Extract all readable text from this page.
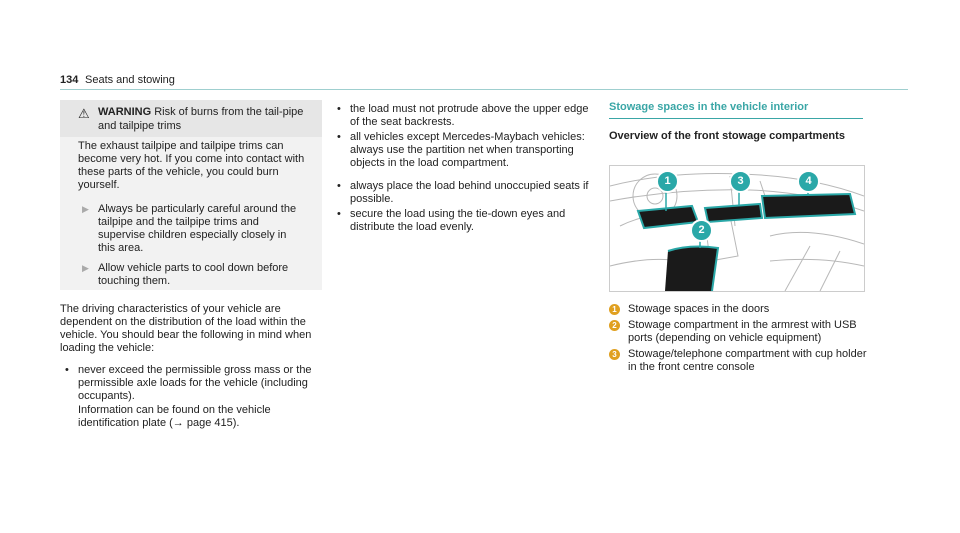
134 Seats and stowing
⚠ WARNING Risk of burns from the tail-pipe and tailpipe trims
The exhaust tailpipe and tailpipe trims can become very hot. If you come into contact with these parts of the vehicle, you could burn yourself.
▶ Always be particularly careful around the tailpipe and the tailpipe trims and supervise children especially closely in this area.
▶ Allow vehicle parts to cool down before touching them.
The driving characteristics of your vehicle are dependent on the distribution of the load within the vehicle. You should bear the following in mind when loading the vehicle:
• never exceed the permissible gross mass or the permissible axle loads for the vehicle (including occupants).
Information can be found on the vehicle identification plate (→ page 415).
• the load must not protrude above the upper edge of the seat backrests.
• all vehicles except Mercedes-Maybach vehicles: always use the partition net when transporting objects in the load compartment.
• always place the load behind unoccupied seats if possible.
• secure the load using the tie-down eyes and distribute the load evenly.
Stowage spaces in the vehicle interior
Overview of the front stowage compartments
1
2
3	4
1 Stowage spaces in the doors
2 Stowage compartment in the armrest with USB ports (depending on vehicle equipment)
3 Stowage/telephone compartment with cup holder in the front centre console
